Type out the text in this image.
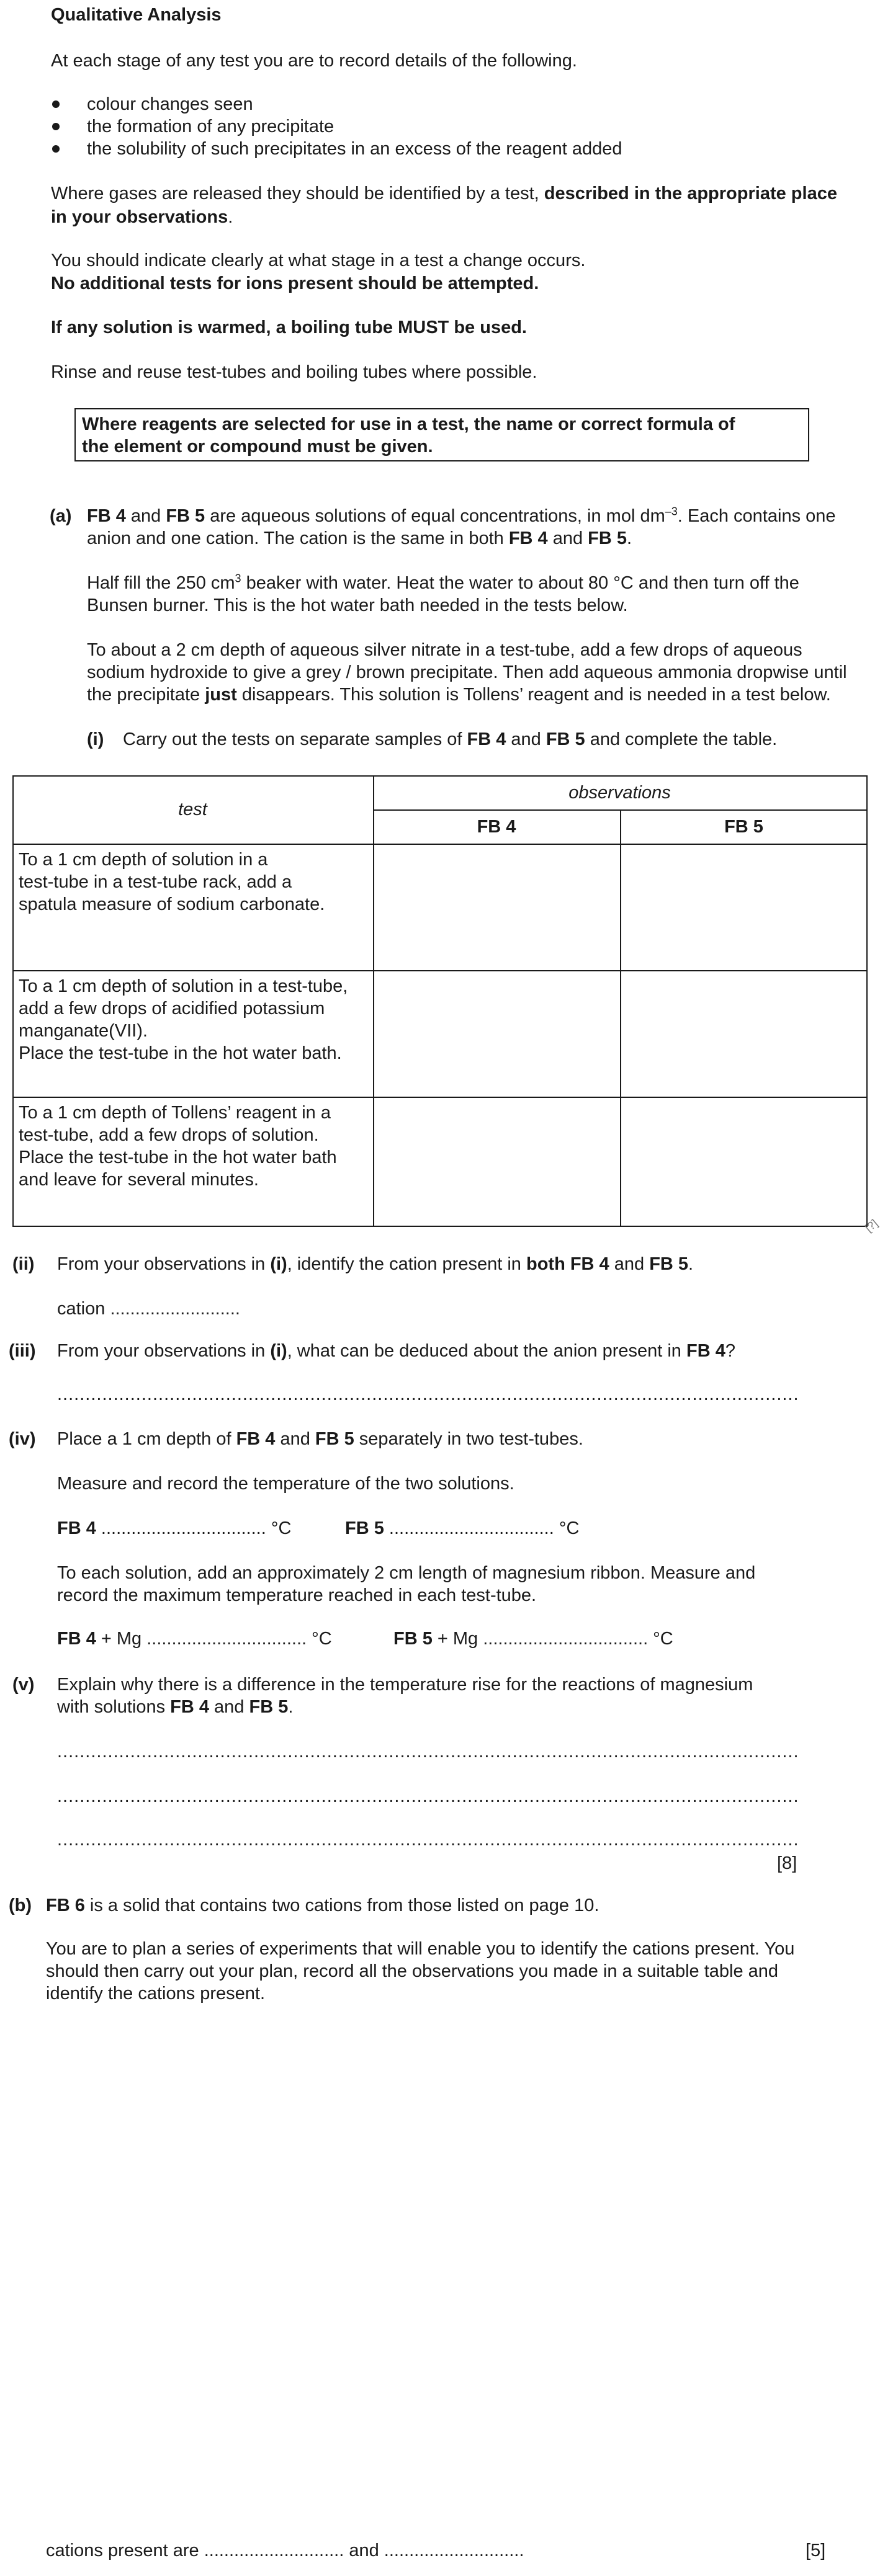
Qualitative Analysis
At each stage of any test you are to record details of the following.
colour changes seen
the formation of any precipitate
the solubility of such precipitates in an excess of the reagent added
Where gases are released they should be identified by a test, described in the appropriate place
in your observations.
You should indicate clearly at what stage in a test a change occurs.
No additional tests for ions present should be attempted.
If any solution is warmed, a boiling tube MUST be used.
Rinse and reuse test-tubes and boiling tubes where possible.
Where reagents are selected for use in a test, the name or correct formula of
the element or compound must be given.
(a) FB 4 and FB 5 are aqueous solutions of equal concentrations, in mol $dm^{-3}$. Each contains one
anion and one cation. The cation is the same in both FB 4 and FB 5.
Half fill the 250 $cm^3$ beaker with water. Heat the water to about 80 °C and then turn off the
Bunsen burner. This is the hot water bath needed in the tests below.
To about a 2 cm depth of aqueous silver nitrate in a test-tube, add a few drops of aqueous
sodium hydroxide to give a grey / brown precipitate. Then add aqueous ammonia dropwise until
the precipitate just disappears. This solution is Tollens’ reagent and is needed in a test below.
(i) Carry out the tests on separate samples of FB 4 and FB 5 and complete the table.
test
observations
FB 4	FB 5
To a 1 cm depth of solution in a
test-tube in a test-tube rack, add a
spatula measure of sodium carbonate.
To a 1 cm depth of solution in a test-tube,
add a few drops of acidified potassium
manganate(VII).
Place the test-tube in the hot water bath.
To a 1 cm depth of Tollens’ reagent in a
test-tube, add a few drops of solution.
Place the test-tube in the hot water bath
and leave for several minutes.
[?]
(ii) From your observations in (i), identify the cation present in both FB 4 and FB 5.
cation ..........................
(iii) From your observations in (i), what can be deduced about the anion present in FB 4?
....................................................................................................................................
(iv) Place a 1 cm depth of FB 4 and FB 5 separately in two test-tubes.
Measure and record the temperature of the two solutions.
FB 4 ................................. °C	FB 5 ................................. °C
To each solution, add an approximately 2 cm length of magnesium ribbon. Measure and
record the maximum temperature reached in each test-tube.
FB 4 + Mg ................................ °C	FB 5 + Mg ................................. °C
(v) Explain why there is a difference in the temperature rise for the reactions of magnesium
with solutions FB 4 and FB 5.
....................................................................................................................................
....................................................................................................................................
....................................................................................................................................
[8]
(b) FB 6 is a solid that contains two cations from those listed on page 10.
You are to plan a series of experiments that will enable you to identify the cations present. You
should then carry out your plan, record all the observations you made in a suitable table and
identify the cations present.
cations present are ............................ and ............................	[5]
